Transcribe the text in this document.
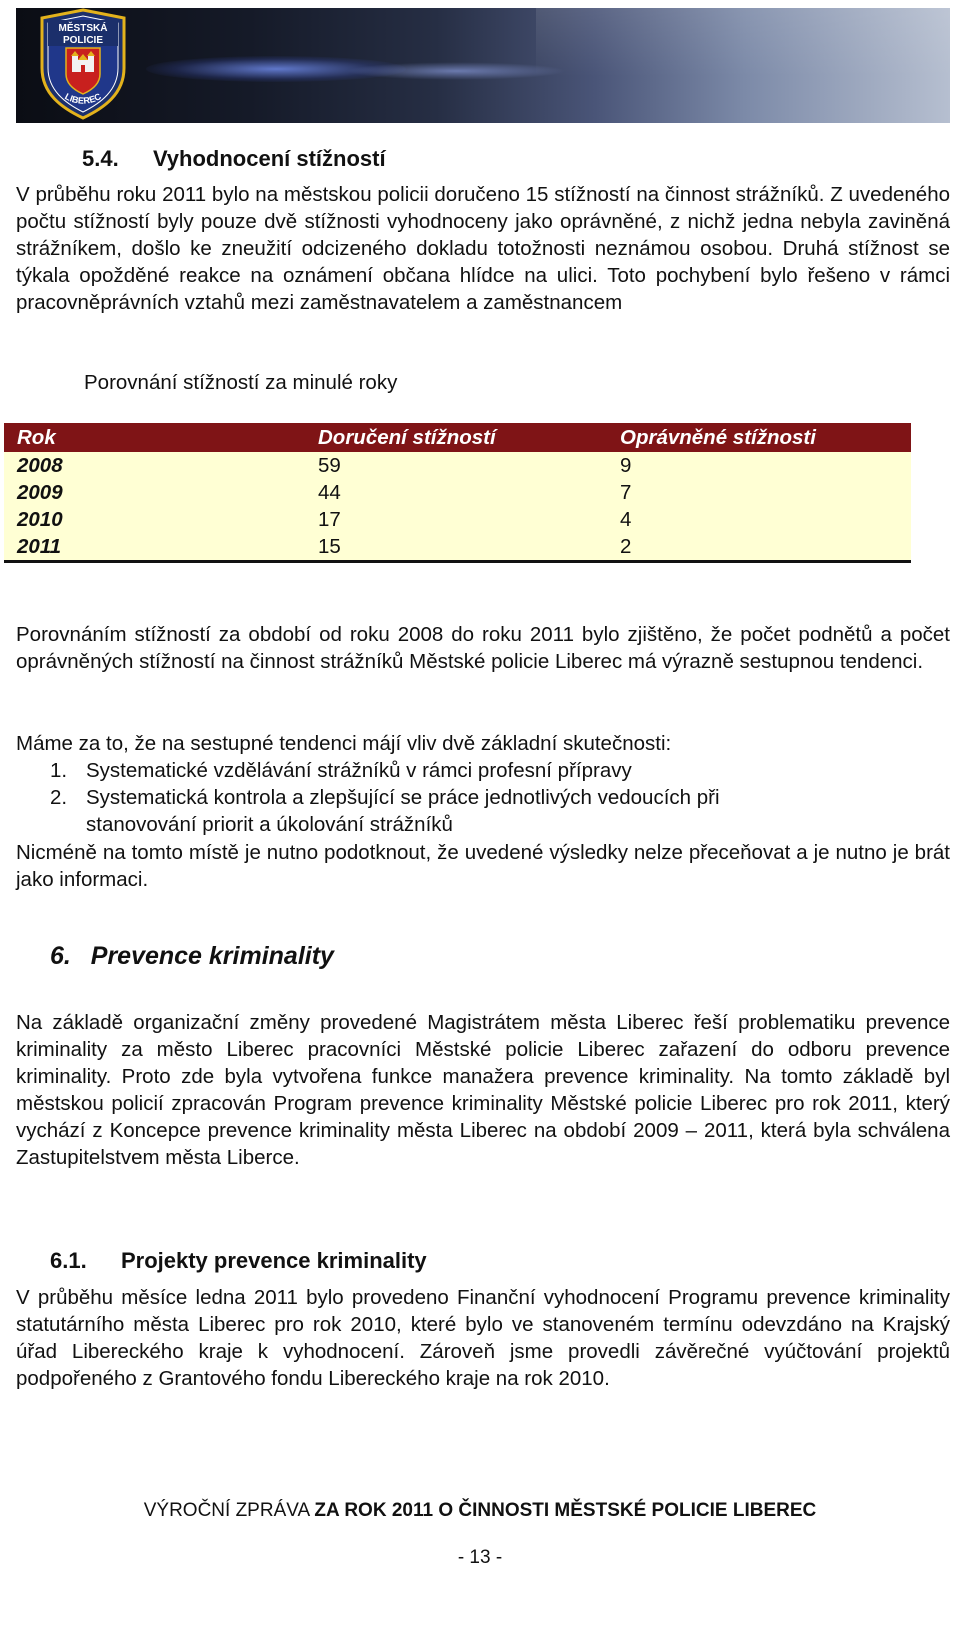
MĚSTSKÁ
POLICIE
LIBEREC
5.4. Vyhodnocení stížností
V průběhu roku 2011 bylo na městskou policii doručeno 15 stížností na činnost strážníků. Z uvedeného počtu stížností byly pouze dvě stížnosti vyhodnoceny jako oprávněné, z nichž jedna nebyla zaviněná strážníkem, došlo ke zneužití odcizeného dokladu totožnosti neznámou osobou. Druhá stížnost se týkala opožděné reakce na oznámení občana hlídce na ulici. Toto pochybení bylo řešeno v rámci pracovněprávních vztahů mezi zaměstnavatelem a zaměstnancem
Porovnání stížností za minulé roky
Rok	Doručení stížností	Oprávněné stížnosti
2008	59	9
2009	44	7
2010	17	4
2011	15	2
Porovnáním stížností za období od roku 2008 do roku 2011 bylo zjištěno, že počet podnětů a počet oprávněných stížností na činnost strážníků Městské policie Liberec má výrazně sestupnou tendenci.
Máme za to, že na sestupné tendenci májí vliv dvě základní skutečnosti:
1. Systematické vzdělávání strážníků v rámci profesní přípravy
2. Systematická kontrola a zlepšující se práce jednotlivých vedoucích při
stanovování priorit a úkolování strážníků
Nicméně na tomto místě je nutno podotknout, že uvedené výsledky nelze přeceňovat a je nutno je brát jako informaci.
6. Prevence kriminality
Na základě organizační změny provedené Magistrátem města Liberec řeší problematiku prevence kriminality za město Liberec pracovníci Městské policie Liberec zařazení do odboru prevence kriminality. Proto zde byla vytvořena funkce manažera prevence kriminality. Na tomto základě byl městskou policií zpracován Program prevence kriminality Městské policie Liberec pro rok 2011, který vychází z Koncepce prevence kriminality města Liberec na období 2009 – 2011, která byla schválena Zastupitelstvem města Liberce.
6.1. Projekty prevence kriminality
V průběhu měsíce ledna 2011 bylo provedeno Finanční vyhodnocení Programu prevence kriminality statutárního města Liberec pro rok 2010, které bylo ve stanoveném termínu odevzdáno na Krajský úřad Libereckého kraje k vyhodnocení. Zároveň jsme provedli závěrečné vyúčtování projektů podpořeného z Grantového fondu Libereckého kraje na rok 2010.
VÝROČNÍ ZPRÁVA ZA ROK 2011 O ČINNOSTI MĚSTSKÉ POLICIE LIBEREC
- 13 -
